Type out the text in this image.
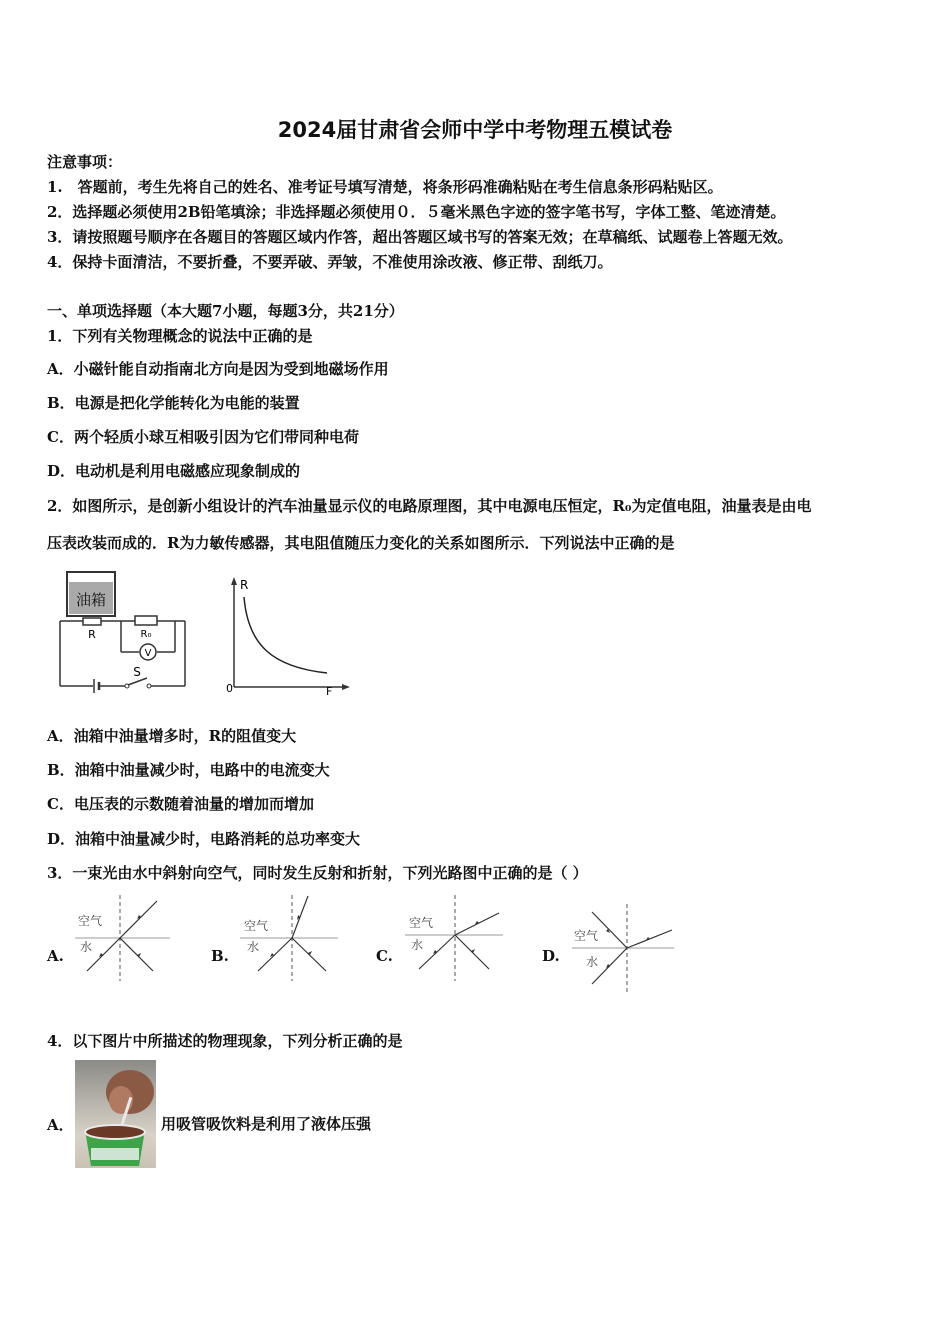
2024届甘肃省会师中学中考物理五模试卷
注意事项：
1.　答题前，考生先将自己的姓名、准考证号填写清楚，将条形码准确粘贴在考生信息条形码粘贴区。
2．选择题必须使用2B铅笔填涂；非选择题必须使用０．５毫米黑色字迹的签字笔书写，字体工整、笔迹清楚。
3．请按照题号顺序在各题目的答题区域内作答，超出答题区域书写的答案无效；在草稿纸、试题卷上答题无效。
4．保持卡面清洁，不要折叠，不要弄破、弄皱，不准使用涂改液、修正带、刮纸刀。
一、单项选择题（本大题7小题，每题3分，共21分）
1．下列有关物理概念的说法中正确的是
A．小磁针能自动指南北方向是因为受到地磁场作用
B．电源是把化学能转化为电能的装置
C．两个轻质小球互相吸引因为它们带同种电荷
D．电动机是利用电磁感应现象制成的
2．如图所示，是创新小组设计的汽车油量显示仪的电路原理图，其中电源电压恒定，R₀为定值电阻，油量表是由电
压表改装而成的．R为力敏传感器，其电阻值随压力变化的关系如图所示．下列说法中正确的是
油箱
R	R₀
V
S
R
F
0
A．油箱中油量增多时，R的阻值变大
B．油箱中油量减少时，电路中的电流变大
C．电压表的示数随着油量的增加而增加
D．油箱中油量减少时，电路消耗的总功率变大
3．一束光由水中斜射向空气，同时发生反射和折射，下列光路图中正确的是（ ）
A.
空气
水	B.
空气
水	C.
空气
水
D.
空气
水
4．以下图片中所描述的物理现象，下列分析正确的是
A．	用吸管吸饮料是利用了液体压强
